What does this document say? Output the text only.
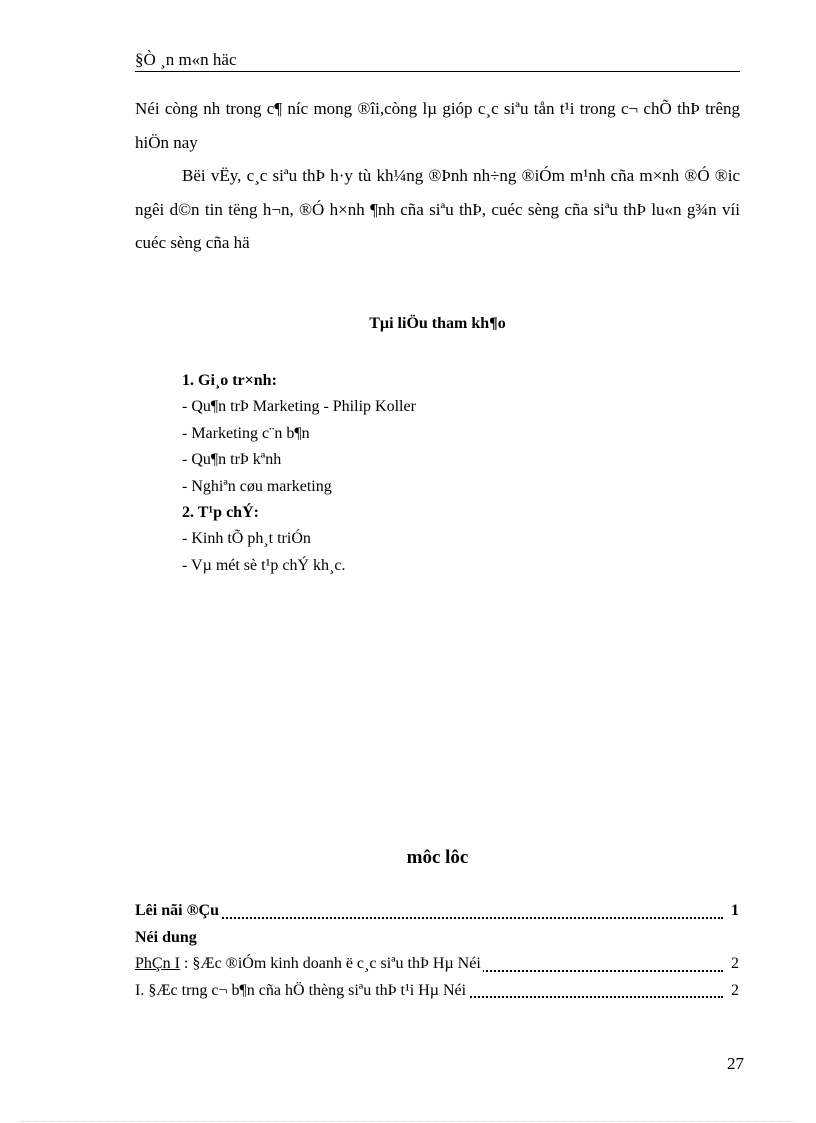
§Ò ¸n m«n häc

Néi còng nh trong c¶ níc mong ®îi,còng lµ gióp c¸c siªu tån t¹i trong c¬ chÕ thÞ trêng hiÖn nay

Bëi vËy, c¸c siªu thÞ h·y tù kh¼ng ®Þnh nh÷ng ®iÓm m¹nh cña m×nh ®Ó ®ic ngêi d©n tin tëng h¬n, ®Ó h×nh ¶nh cña siªu thÞ, cuéc sèng cña siªu thÞ lu«n g¾n víi cuéc sèng cña hä

Tµi liÖu tham kh¶o
1. Gi¸o tr×nh:
- Qu¶n trÞ Marketing - Philip Koller
- Marketing c¨n b¶n
- Qu¶n trÞ kªnh
- Nghiªn cøu marketing
2. T¹p chÝ:
- Kinh tÕ ph¸t triÓn
- Vµ mét sè t¹p chÝ kh¸c.
môc lôc
Lêi nãi ®Çu	1
Néi dung
PhÇn I : §Æc ®iÓm kinh doanh ë c¸c siªu thÞ Hµ Néi	2
I. §Æc trng c¬ b¶n cña hÖ thèng siªu thÞ t¹i Hµ Néi	2
27
